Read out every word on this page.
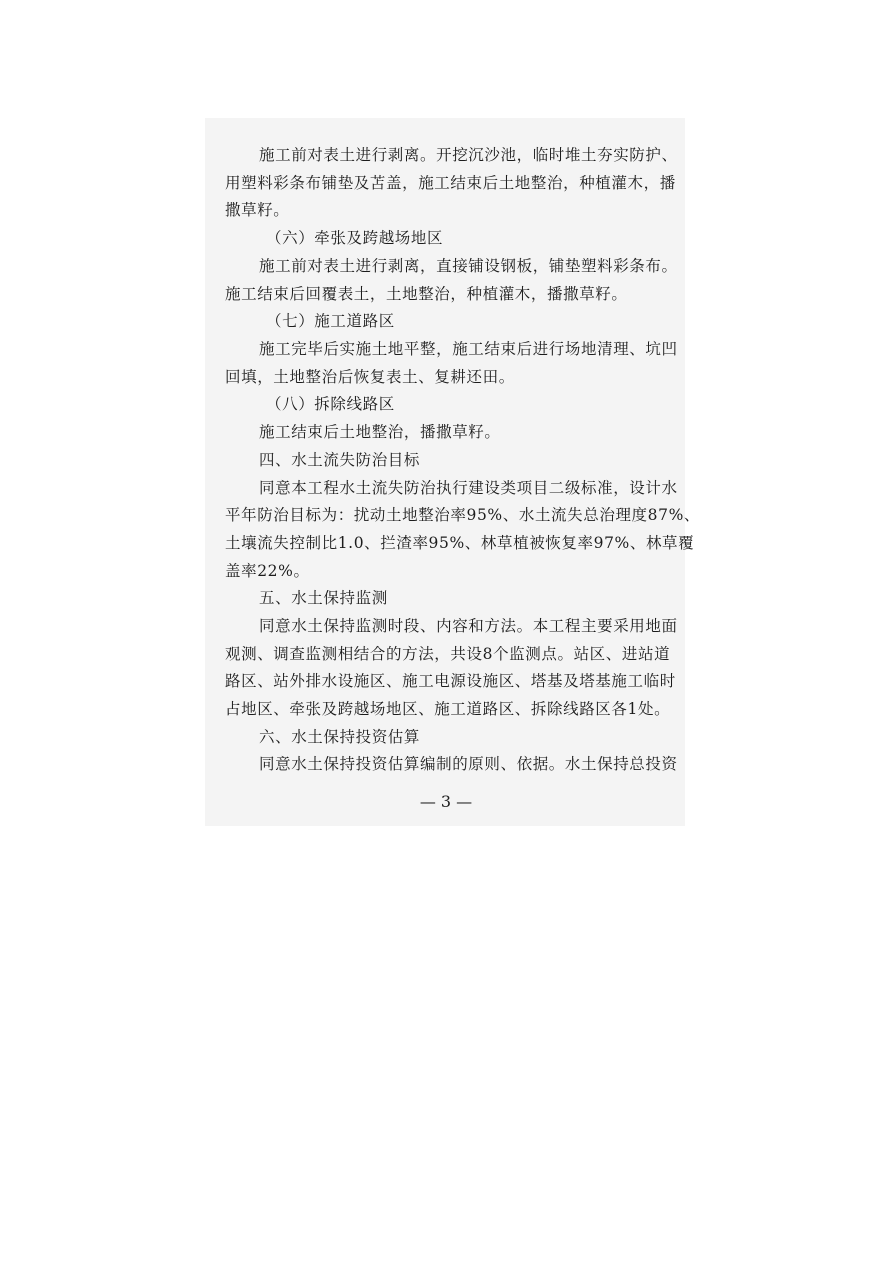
施工前对表土进行剥离。开挖沉沙池，临时堆土夯实防护、
用塑料彩条布铺垫及苫盖，施工结束后土地整治，种植灌木，播
撒草籽。
（六）牵张及跨越场地区
施工前对表土进行剥离，直接铺设钢板，铺垫塑料彩条布。
施工结束后回覆表土，土地整治，种植灌木，播撒草籽。
（七）施工道路区
施工完毕后实施土地平整，施工结束后进行场地清理、坑凹
回填，土地整治后恢复表土、复耕还田。
（八）拆除线路区
施工结束后土地整治，播撒草籽。
四、水土流失防治目标
同意本工程水土流失防治执行建设类项目二级标准，设计水
平年防治目标为：扰动土地整治率95%、水土流失总治理度87%、
土壤流失控制比1.0、拦渣率95%、林草植被恢复率97%、林草覆
盖率22%。
五、水土保持监测
同意水土保持监测时段、内容和方法。本工程主要采用地面
观测、调查监测相结合的方法，共设8个监测点。站区、进站道
路区、站外排水设施区、施工电源设施区、塔基及塔基施工临时
占地区、牵张及跨越场地区、施工道路区、拆除线路区各1处。
六、水土保持投资估算
同意水土保持投资估算编制的原则、依据。水土保持总投资
— 3 —
